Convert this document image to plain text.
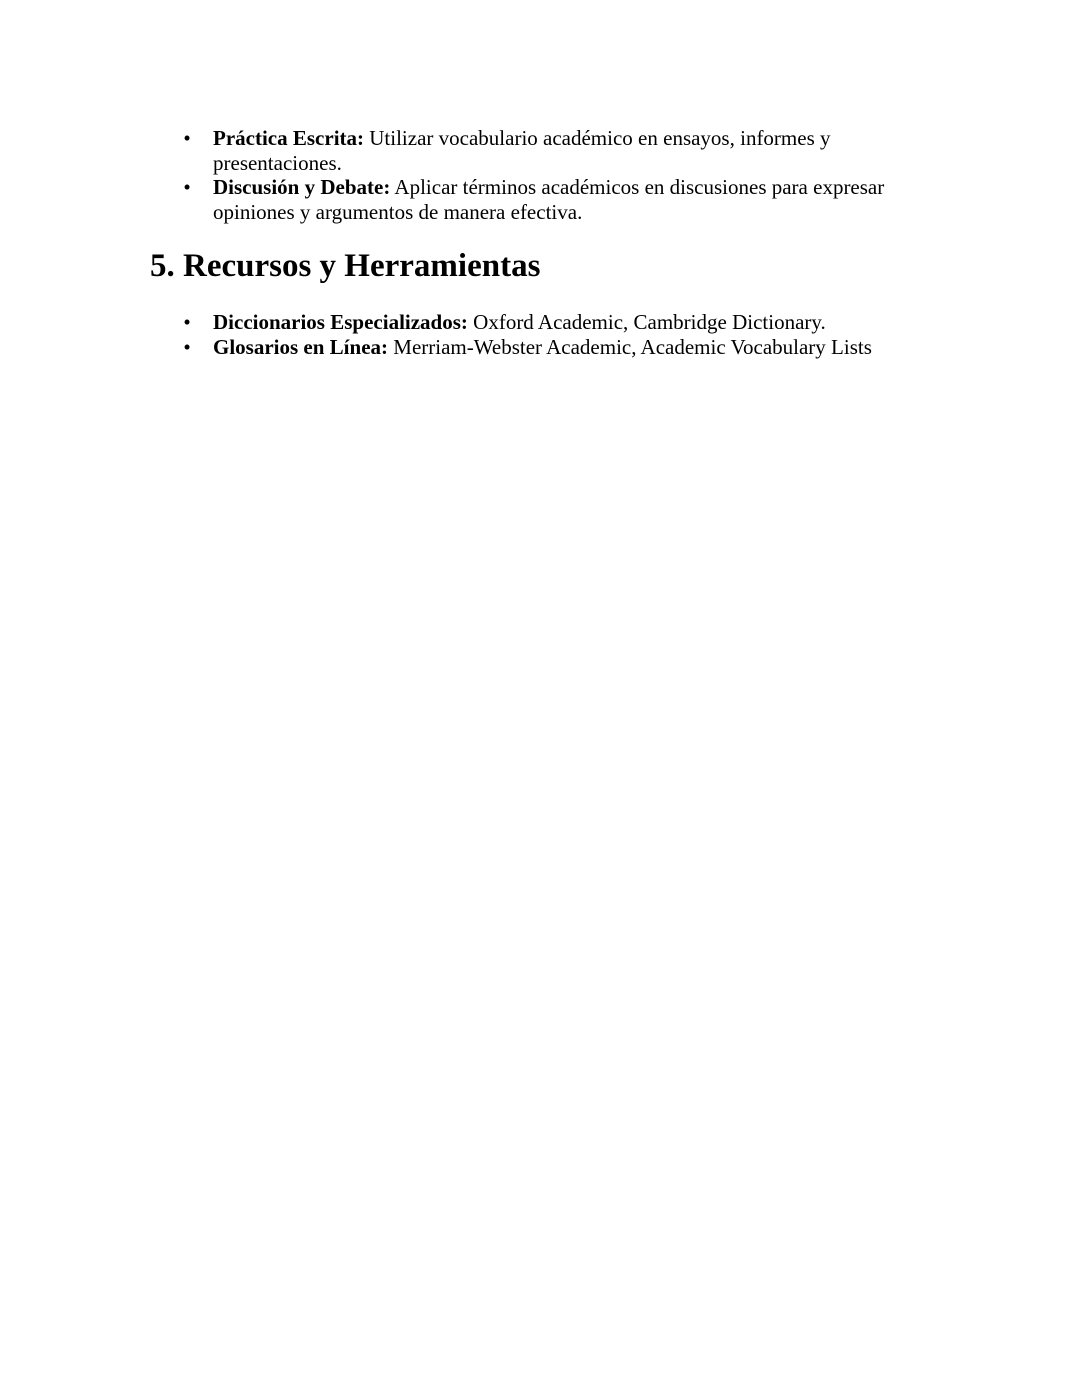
• Práctica Escrita: Utilizar vocabulario académico en ensayos, informes y presentaciones.
• Discusión y Debate: Aplicar términos académicos en discusiones para expresar opiniones y argumentos de manera efectiva.
5. Recursos y Herramientas
• Diccionarios Especializados: Oxford Academic, Cambridge Dictionary.
• Glosarios en Línea: Merriam-Webster Academic, Academic Vocabulary Lists
